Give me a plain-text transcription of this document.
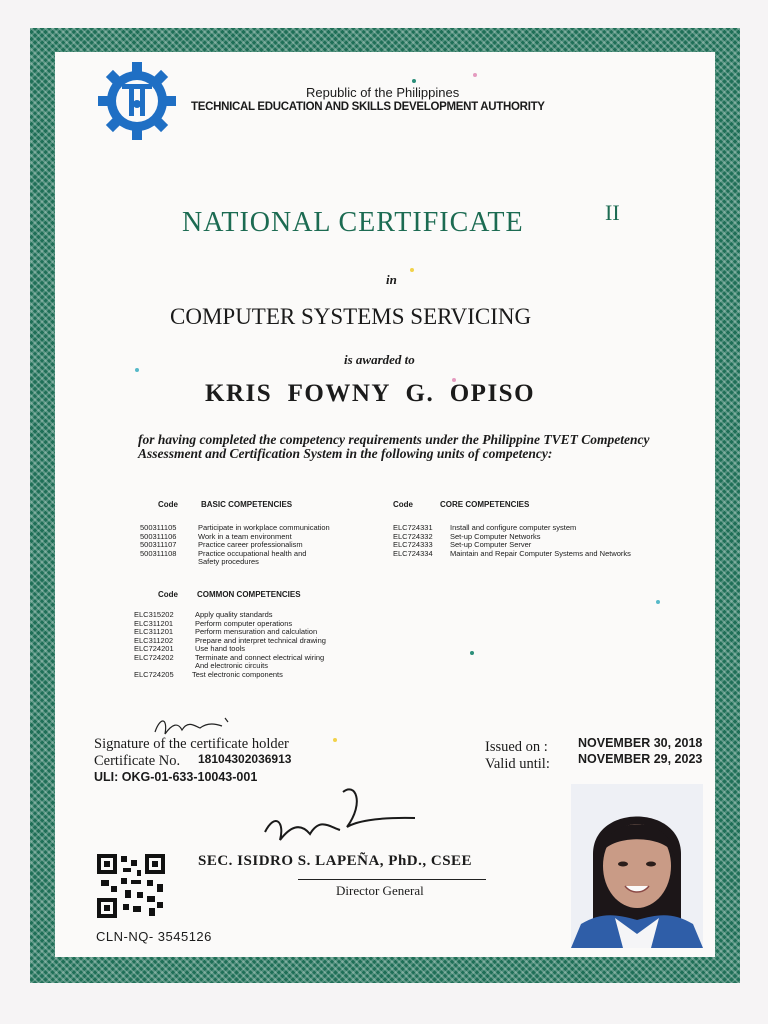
Republic of the Philippines
TECHNICAL EDUCATION AND SKILLS DEVELOPMENT AUTHORITY
NATIONAL CERTIFICATE	II
in
COMPUTER SYSTEMS SERVICING
is awarded to
KRIS  FOWNY  G.  OPISO
for having completed the competency requirements under the Philippine TVET Competency Assessment and Certification System in the following units of competency:
Code	BASIC COMPETENCIES
500311105	Participate in workplace communication
500311106	Work in a team environment
500311107	Practice career professionalism
500311108	Practice occupational health and
Safety procedures
Code	CORE COMPETENCIES
ELC724331 Install and configure computer system
ELC724332 Set-up Computer Networks
ELC724333 Set-up Computer Server
ELC724334 Maintain and Repair Computer Systems and Networks
Code COMMON COMPETENCIES
ELC315202	Apply quality standards
ELC311201	Perform computer operations
ELC311201	Perform mensuration and calculation
ELC311202	Prepare and interpret technical drawing
ELC724201	Use hand tools
ELC724202	Terminate and connect electrical wiring
And electronic circuits
ELC724205 Test electronic components
Signature of the certificate holder
Certificate No. 18104302036913
ULI: OKG-01-633-10043-001
Issued on :
Valid until:
NOVEMBER 30, 2018
NOVEMBER 29, 2023
SEC. ISIDRO S. LAPEÑA, PhD., CSEE
Director General
CLN-NQ- 3545126
